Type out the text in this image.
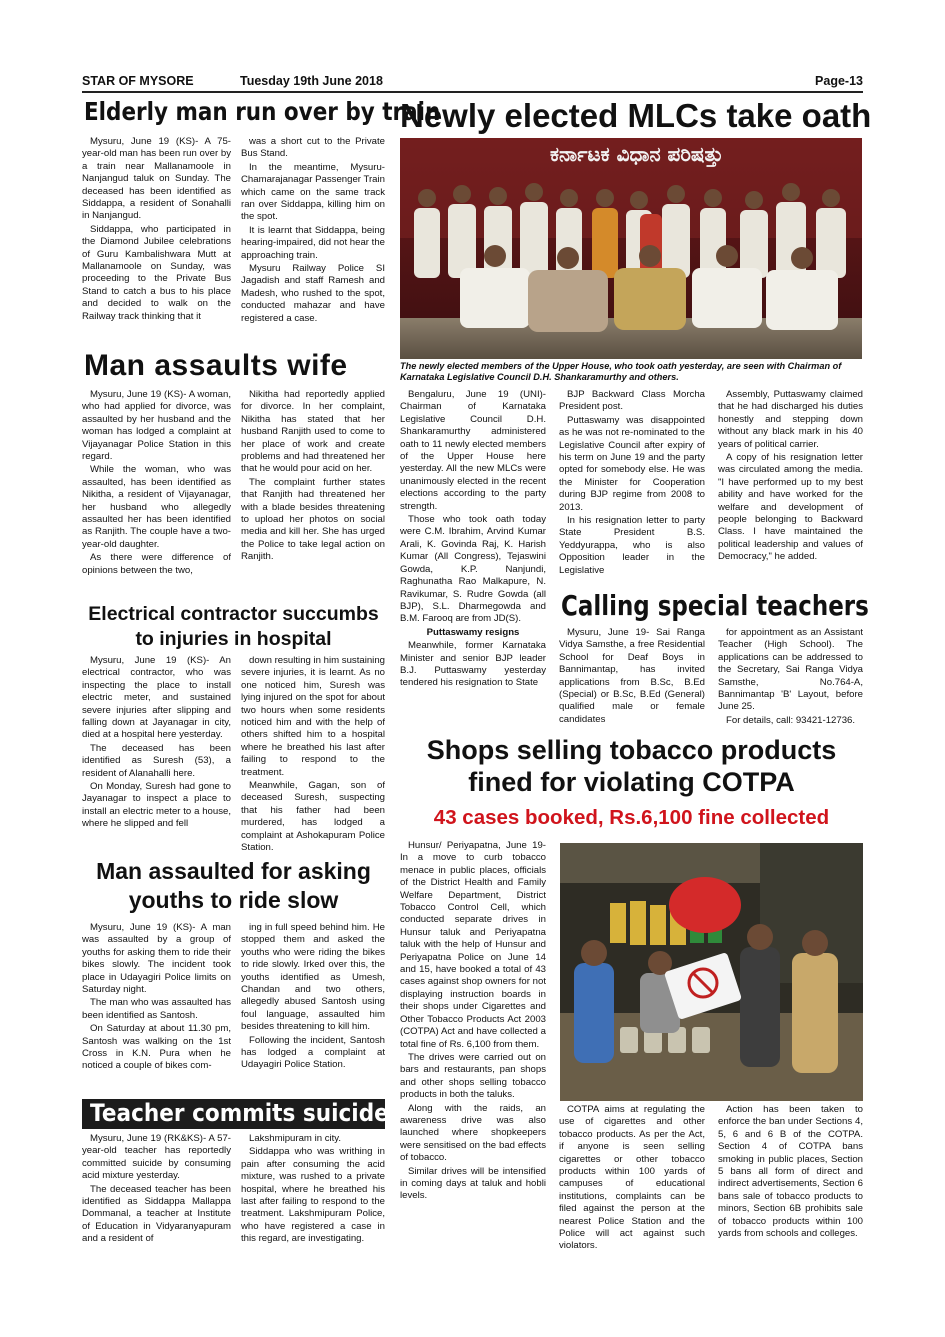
STAR OF MYSORE	Tuesday 19th June 2018	Page-13
Elderly man run over by train

Mysuru, June 19 (KS)- A 75-year-old man has been run over by a train near Mallanamoole in Nanjangud taluk on Sunday. The deceased has been identified as Siddappa, a resident of Sonahalli in Nanjangud.

Siddappa, who participated in the Diamond Jubilee celebrations of Guru Kambalishwara Mutt at Mallanamoole on Sunday, was proceeding to the Private Bus Stand to catch a bus to his place and decided to walk on the Railway track thinking that it

was a short cut to the Private Bus Stand.

In the meantime, Mysuru-Chamarajanagar Passenger Train which came on the same track ran over Siddappa, killing him on the spot.

It is learnt that Siddappa, being hearing-impaired, did not hear the approaching train.

Mysuru Railway Police SI Jagadish and staff Ramesh and Madesh, who rushed to the spot, conducted mahazar and have registered a case.

Newly elected MLCs take oath
ಕರ್ನಾಟಕ ವಿಧಾನ ಪರಿಷತ್ತು
The newly elected members of the Upper House, who took oath yesterday, are seen with Chairman of Karnataka Legislative Council D.H. Shankaramurthy and others.

Bengaluru, June 19 (UNI)- Chairman of Karnataka Legislative Council D.H. Shankaramurthy administered oath to 11 newly elected members of the Upper House here yesterday. All the new MLCs were unanimously elected in the recent elections according to the party strength.

Those who took oath today were C.M. Ibrahim, Arvind Kumar Arali, K. Govinda Raj, K. Harish Kumar (All Congress), Tejaswini Gowda, K.P. Nanjundi, Raghunatha Rao Malkapure, N. Ravikumar, S. Rudre Gowda (all BJP), S.L. Dharmegowda and B.M. Farooq are from JD(S).

Puttaswamy resigns

Meanwhile, former Karnataka Minister and senior BJP leader B.J. Puttaswamy yesterday tendered his resignation to State

BJP Backward Class Morcha President post.

Puttaswamy was disappointed as he was not re-nominated to the Legislative Council after expiry of his term on June 19 and the party opted for somebody else. He was the Minister for Cooperation during BJP regime from 2008 to 2013.

In his resignation letter to party State President B.S. Yeddyurappa, who is also Opposition leader in the Legislative

Assembly, Puttaswamy claimed that he had discharged his duties honestly and stepping down without any black mark in his 40 years of political carrier.

A copy of his resignation letter was circulated among the media. "I have performed up to my best ability and have worked for the welfare and development of people belonging to Backward Class. I have maintained the political leadership and values of Democracy," he added.

Man assaults wife

Mysuru, June 19 (KS)- A woman, who had applied for divorce, was assaulted by her husband and the woman has lodged a complaint at Vijayanagar Police Station in this regard.

While the woman, who was assaulted, has been identified as Nikitha, a resident of Vijayanagar, her husband who allegedly assaulted her has been identified as Ranjith. The couple have a two-year-old daughter.

As there were difference of opinions between the two,

Nikitha had reportedly applied for divorce. In her complaint, Nikitha has stated that her husband Ranjith used to come to her place of work and create problems and had threatened her that he would pour acid on her.

The complaint further states that Ranjith had threatened her with a blade besides threatening to upload her photos on social media and kill her. She has urged the Police to take legal action on Ranjith.

Calling special teachers

Mysuru, June 19- Sai Ranga Vidya Samsthe, a free Residential School for Deaf Boys in Bannimantap, has invited applications from B.Sc, B.Ed (Special) or B.Sc, B.Ed (General) qualified male or female candidates

for appointment as an Assistant Teacher (High School). The applications can be addressed to the Secretary, Sai Ranga Vidya Samsthe, No.764-A, Bannimantap 'B' Layout, before June 25.

For details, call: 93421-12736.

Electrical contractor succumbs
to injuries in hospital

Mysuru, June 19 (KS)- An electrical contractor, who was inspecting the place to install electric meter, and sustained severe injuries after slipping and falling down at Jayanagar in city, died at a hospital here yesterday.

The deceased has been identified as Suresh (53), a resident of Alanahalli here.

On Monday, Suresh had gone to Jayanagar to inspect a place to install an electric meter to a house, where he slipped and fell

down resulting in him sustaining severe injuries, it is learnt. As no one noticed him, Suresh was lying injured on the spot for about two hours when some residents noticed him and with the help of others shifted him to a hospital where he breathed his last after failing to respond to the treatment.

Meanwhile, Gagan, son of deceased Suresh, suspecting that his father had been murdered, has lodged a complaint at Ashokapuram Police Station.

Shops selling tobacco products
fined for violating COTPA
43 cases booked, Rs.6,100 fine collected

Hunsur/ Periyapatna, June 19- In a move to curb tobacco menace in public places, officials of the District Health and Family Welfare Department, District Tobacco Control Cell, which conducted separate drives in Hunsur taluk and Periyapatna taluk with the help of Hunsur and Periyapatna Police on June 14 and 15, have booked a total of 43 cases against shop owners for not displaying instruction boards in their shops under Cigarettes and Other Tobacco Products Act 2003 (COTPA) Act and have collected a total fine of Rs. 6,100 from them.

The drives were carried out on bars and restaurants, pan shops and other shops selling tobacco products in both the taluks.

Along with the raids, an awareness drive was also launched where shopkeepers were sensitised on the bad effects of tobacco.

Similar drives will be intensified in coming days at taluk and hobli levels.

COTPA aims at regulating the use of cigarettes and other tobacco products. As per the Act, if anyone is seen selling cigarettes or other tobacco products within 100 yards of campuses of educational institutions, complaints can be filed against the person at the nearest Police Station and the Police will act against such violators.

Action has been taken to enforce the ban under Sections 4, 5, 6 and 6 B of the COTPA. Section 4 of COTPA bans smoking in public places, Section 5 bans all form of direct and indirect advertisements, Section 6 bans sale of tobacco products to minors, Section 6B prohibits sale of tobacco products within 100 yards from schools and colleges.

Man assaulted for asking
youths to ride slow

Mysuru, June 19 (KS)- A man was assaulted by a group of youths for asking them to ride their bikes slowly. The incident took place in Udayagiri Police limits on Saturday night.

The man who was assaulted has been identified as Santosh.

On Saturday at about 11.30 pm, Santosh was walking on the 1st Cross in K.N. Pura when he noticed a couple of bikes com-

ing in full speed behind him. He stopped them and asked the youths who were riding the bikes to ride slowly. Irked over this, the youths identified as Umesh, Chandan and two others, allegedly abused Santosh using foul language, assaulted him besides threatening to kill him.

Following the incident, Santosh has lodged a complaint at Udayagiri Police Station.

Teacher commits suicide

Mysuru, June 19 (RK&KS)- A 57-year-old teacher has reportedly committed suicide by consuming acid mixture yesterday.

The deceased teacher has been identified as Siddappa Mallappa Dommanal, a teacher at Institute of Education in Vidyaranyapuram and a resident of

Lakshmipuram in city.

Siddappa who was writhing in pain after consuming the acid mixture, was rushed to a private hospital, where he breathed his last after failing to respond to the treatment. Lakshmipuram Police, who have registered a case in this regard, are investigating.
